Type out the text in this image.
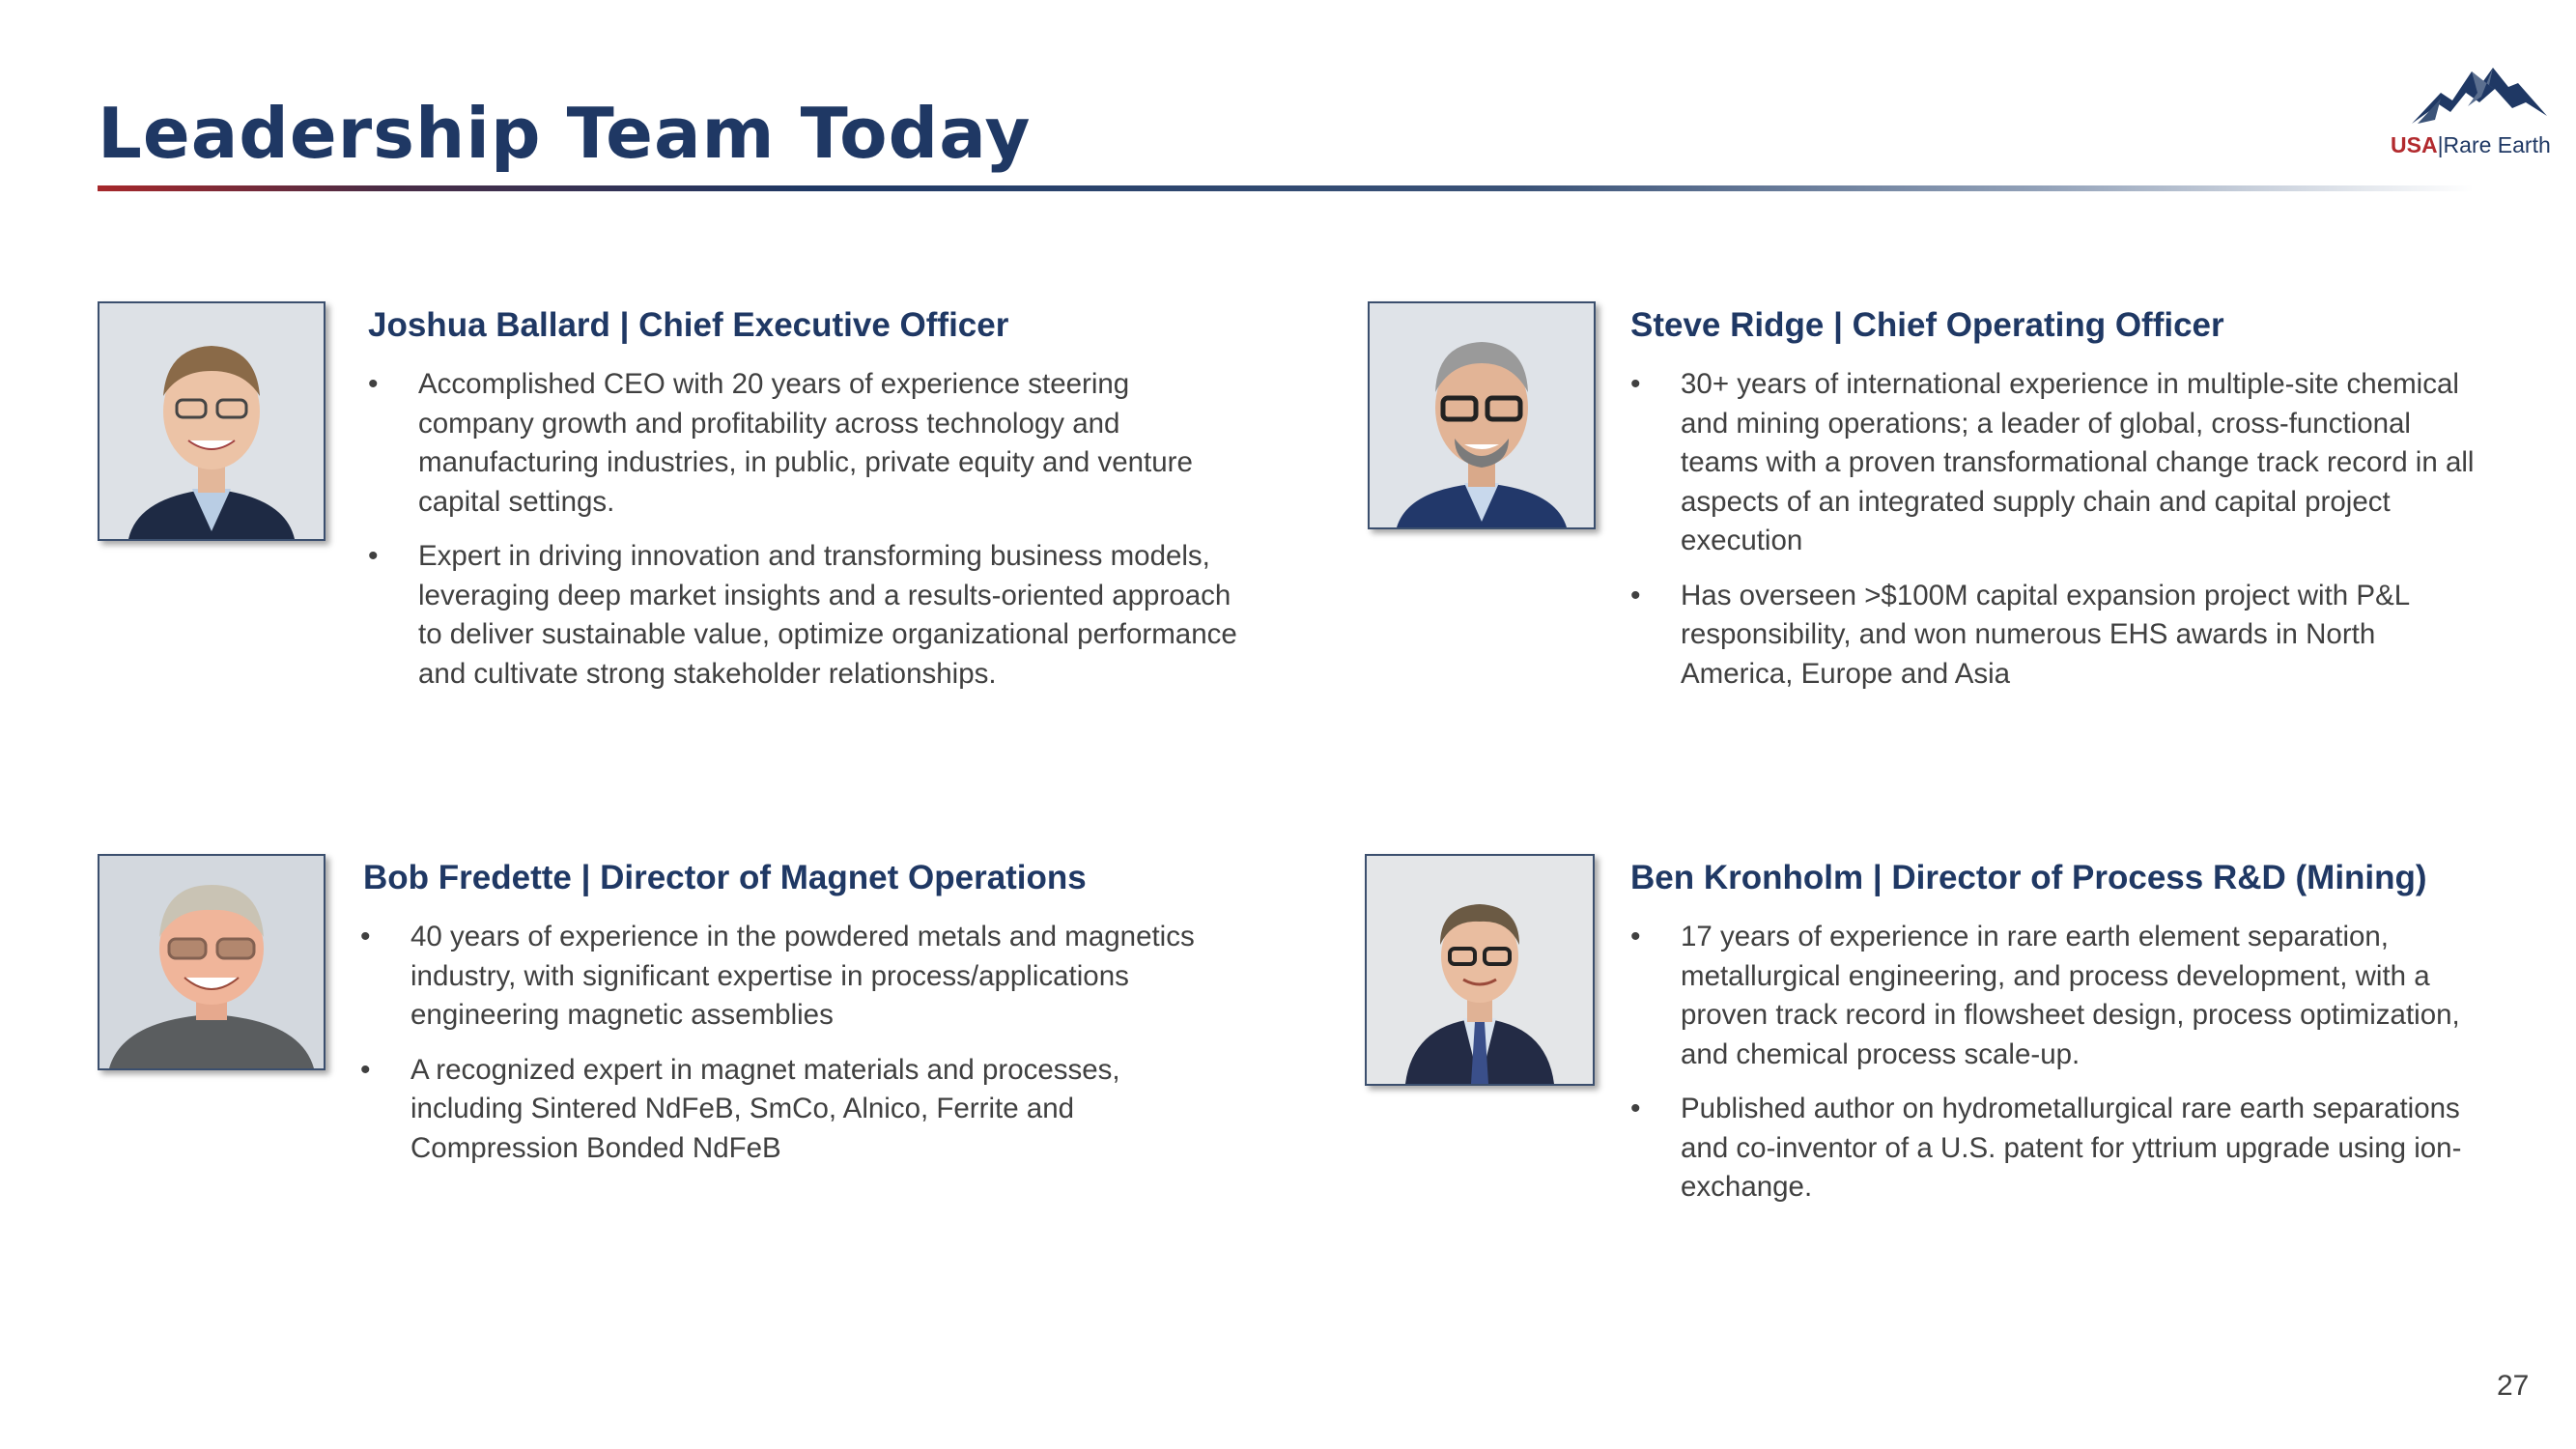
Leadership Team Today	USA|Rare Earth
Joshua Ballard | Chief Executive Officer
• Accomplished CEO with 20 years of experience steering company growth and profitability across technology and manufacturing industries, in public, private equity and venture capital settings.
• Expert in driving innovation and transforming business models, leveraging deep market insights and a results-oriented approach to deliver sustainable value, optimize organizational performance and cultivate strong stakeholder relationships.
Steve Ridge | Chief Operating Officer
• 30+ years of international experience in multiple-site chemical and mining operations; a leader of global, cross-functional teams with a proven transformational change track record in all aspects of an integrated supply chain and capital project execution
• Has overseen >$100M capital expansion project with P&L responsibility, and won numerous EHS awards in North America, Europe and Asia
Bob Fredette | Director of Magnet Operations
• 40 years of experience in the powdered metals and magnetics industry, with significant expertise in process/applications engineering magnetic assemblies
• A recognized expert in magnet materials and processes, including Sintered NdFeB, SmCo, Alnico, Ferrite and Compression Bonded NdFeB
Ben Kronholm | Director of Process R&D (Mining)
• 17 years of experience in rare earth element separation, metallurgical engineering, and process development, with a proven track record in flowsheet design, process optimization, and chemical process scale-up.
• Published author on hydrometallurgical rare earth separations and co-inventor of a U.S. patent for yttrium upgrade using ion-exchange.
27
